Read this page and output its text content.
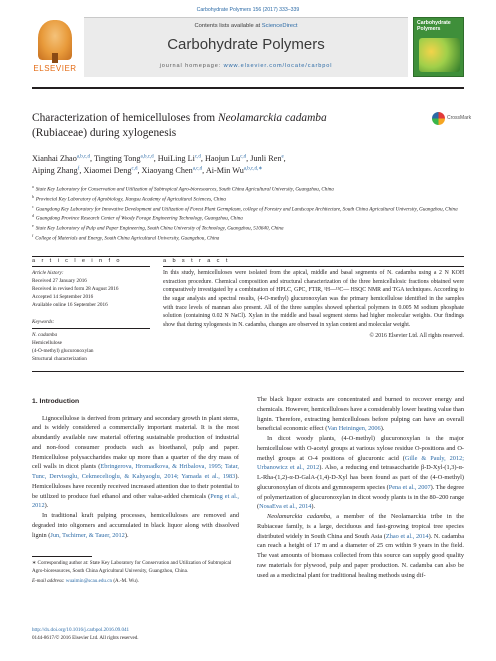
Carbohydrate Polymers 156 (2017) 333–339
ELSEVIER
Contents lists available at ScienceDirect
Carbohydrate Polymers
journal homepage: www.elsevier.com/locate/carbpol
Carbohydrate Polymers
Characterization of hemicelluloses from Neolamarckia cadamba
(Rubiaceae) during xylogenesis
CrossMark
Xianhai Zhao$^{a,b,c,d}$, Tingting Tong$^{a,b,c,d}$, HuiLing Li$^{c,d}$, Haojun Lu$^{c,d}$, Junli Ren$^e$,
Aiping Zhang$^f$, Xiaomei Deng$^{c,d}$, Xiaoyang Chen$^{a,c,d}$, Ai-Min $Wu^{a,b,c,d,∗}$
$^a$ State Key Laboratory for Conservation and Utilization of Subtropical Agro-bioresources, South China Agricultural University, Guangzhou, China
$^b$ Provincial Key Laboratory of Agrobiology, Jiangsu Academy of Agricultural Sciences, China
$^c$ Guangdong Key Laboratory for Innovative Development and Utilization of Forest Plant Germplasm, college of Forestry and Landscape Architecture, South China Agricultural University, Guangzhou, China
$^d$ Guangdong Province Research Center of Woody Forage Engineering Technology, Guangzhou, China
$^e$ State Key Laboratory of Pulp and Paper Engineering, South China University of Technology, Guangzhou, 510640, China
$^f$ College of Materials and Energy, South China Agricultural University, Guangzhou, China
a r t i c l e i n f o	a b s t r a c t
Article history:
Received 27 January 2016
Received in revised form 28 August 2016
Accepted 14 September 2016
Available online 16 September 2016
Keywords:
N. cadamba
Hemicellulose
(4-O-methyl) glucuronoxylan
Structural characterization
In this study, hemicelluloses were isolated from the apical, middle and basal segments of N. cadamba using a 2 N KOH extraction procedure. Chemical composition and structural characterization of the three hemicellulosic fractions obtained were comparatively investigated by a combination of HPLC, GPC, FTIR, ¹H—¹³C— HSQC NMR and TGA techniques. According to the sugar analysis and spectral results, (4-O-methyl) glucuronoxylan was the primary hemicellulose identified in the samples with trace levels of mannan also present. All of the three samples showed spherical polymers in 0.005 M sodium phosphate solution (containing 0.02 N NaCl). Xylan in the middle and basal segment stems had higher molecular weights. Our findings show that during xylogenesis in N. cadamba, changes are observed in xylan content and molecular weight.
© 2016 Elsevier Ltd. All rights reserved.
1. Introduction
Lignocellulose is derived from primary and secondary growth in plant stems, and is widely considered a commercially important material. It is the most abundantly available raw material offering sustainable production of industrial and non-food consumer products such as bioethanol, pulp and paper. Hemicellulose polysaccharides make up more than a quarter of the dry mass of cell walls in dicot plants (Ebringerova, Hromadkova, & Hribalova, 1995; Tatar, Tunc, Dervisoglu, Cekmecelioglu, & Kahyaoglu, 2014; Yamada et al., 1983). Hemicelluloses have recently received increased attention due to their potential to be utilized to produce fuel ethanol and other value-added chemicals (Peng et al., 2012).
In traditional kraft pulping processes, hemicelluloses are removed and degraded into oligomers and accumulated in black liquor along with dissolved lignin (Jun, Tschirner, & Tauer, 2012).
The black liquor extracts are concentrated and burned to recover energy and chemicals. However, hemicelluloses have a considerably lower heating value than lignin. Therefore, extracting hemicelluloses before pulping can have an overall beneficial economic effect (Van Heiningen, 2006).
In dicot woody plants, (4-O-methyl) glucuronoxylan is the major hemicellulose with O-acetyl groups at various xylose residue O-positions and O-methyl groups at O-4 positions of glucuronic acid (Gille & Pauly, 2012; Urbanowicz et al., 2012). Also, a reducing end tetrasaccharide β-D-Xyl-(1,3)-α-L-Rha-(1,2)-α-D-GalA-(1,4)-D-Xyl has been found as part of the (4-O-methyl) glucuronoxylan of dicots and gymnosperm species (Pena et al., 2007). The degree of polymerization of glucuronoxylan in dicot woody plants is in the 80–200 range (NosaEva et al., 2014).
Neolamarckia cadamba, a member of the Neolamarckia tribe in the Rubiaceae family, is a large, deciduous and fast-growing tropical tree species distributed widely in South China and South Asia (Zhao et al., 2014). N. cadamba can reach a height of 17 m and a diameter of 25 cm within 9 years in the field. The vast amounts of biomass collected from this source can supply good quality raw materials for plywood, pulp and paper production. N. cadamba can also be used as a medicinal plant for traditional healing methods using dif-
∗ Corresponding author at: State Key Laboratory for Conservation and Utilization of Subtropical Agro-bioresources, South China Agricultural University, Guangzhou, China.
E-mail address: wuaimin@scau.edu.cn (A.-M. Wu).
http://dx.doi.org/10.1016/j.carbpol.2016.09.041
0144-8617/© 2016 Elsevier Ltd. All rights reserved.
